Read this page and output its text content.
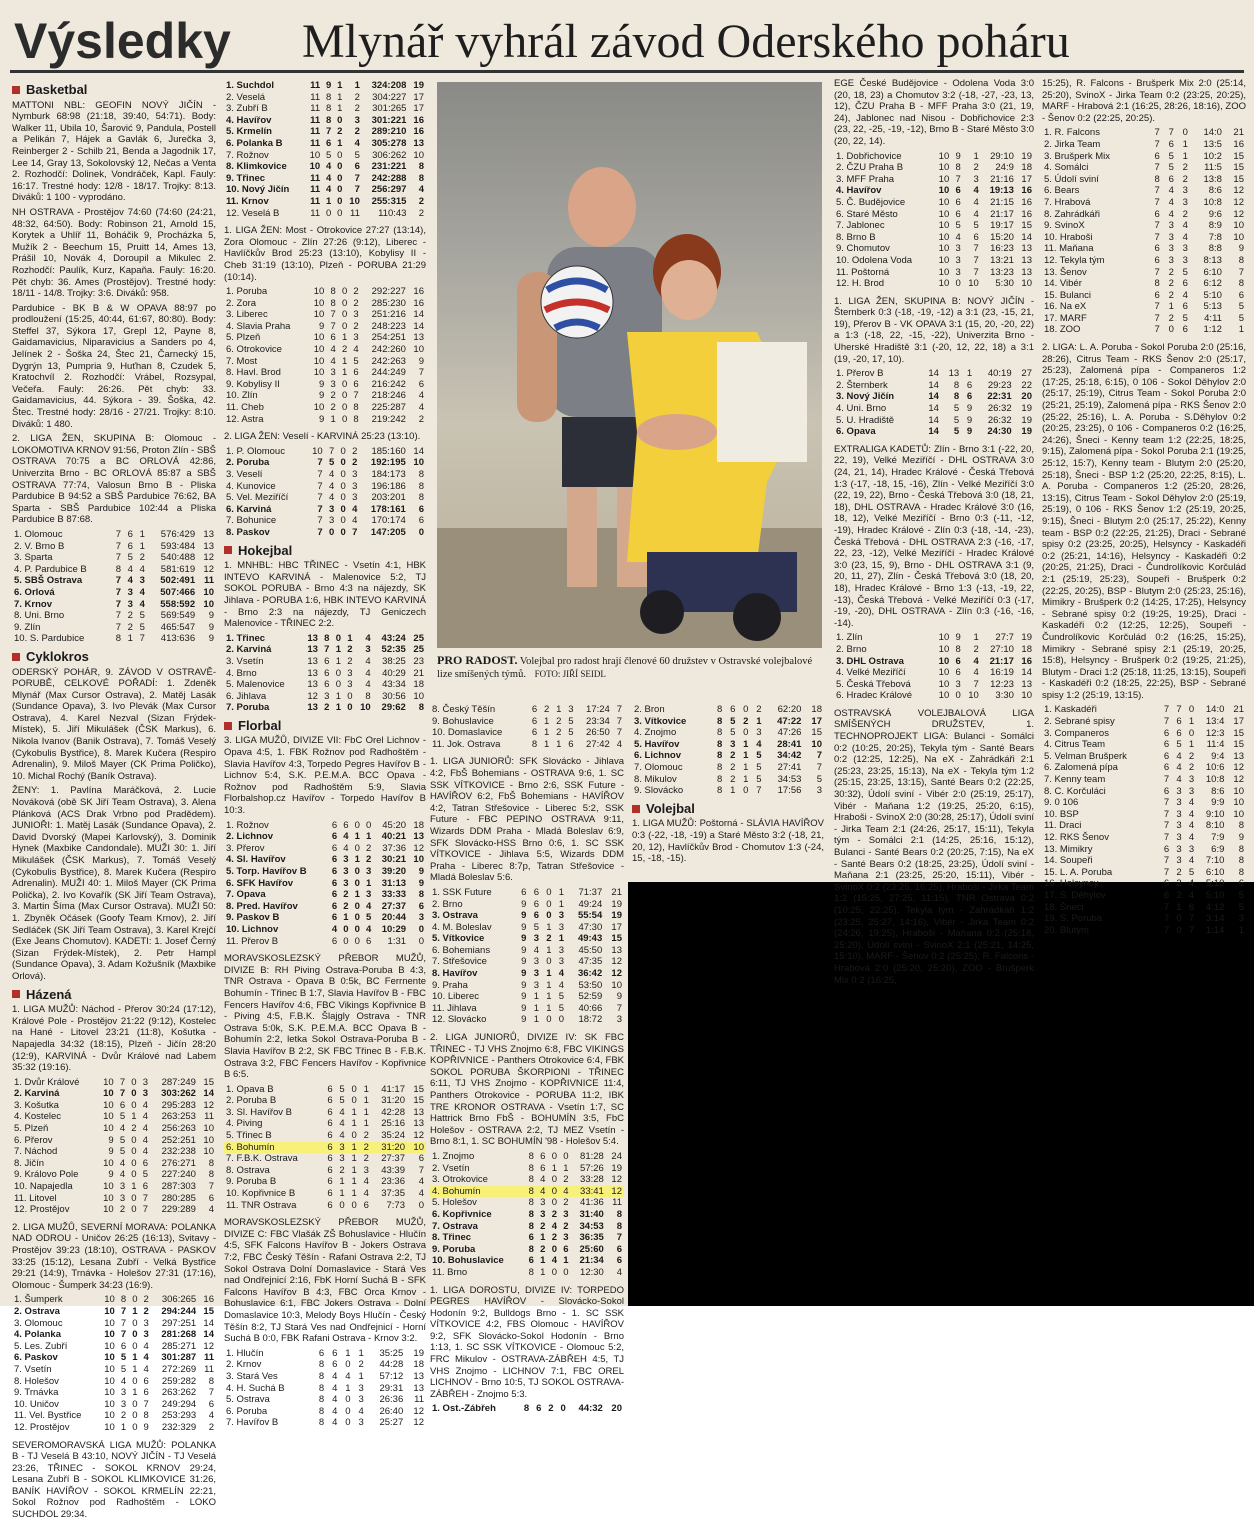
Výsledky Mlynář vyhrál závod Oderského poháru
Basketbal

MATTONI NBL: GEOFIN NOVÝ JIČÍN - Nymburk 68:98 (21:18, 39:40, 54:71). Body: Walker 11, Ubila 10, Šarović 9, Pandula, Postell a Pelikán 7, Hájek a Gavlák 6, Jurečka 3, Reinberger 2 - Schilb 21, Benda a Jagodnik 17, Lee 14, Gray 13, Sokolovský 12, Nečas a Venta 2. Rozhodčí: Dolinek, Vondráček, Kapl. Fauly: 16:17. Trestné hody: 12/8 - 18/17. Trojky: 8:13. Diváků: 1 100 - vyprodáno.

NH OSTRAVA - Prostějov 74:60 (74:60 (24:21, 48:32, 64:50). Body: Robinson 21, Arnold 15, Korytek a Uhlíř 11, Boháčik 9, Procházka 5, Mužík 2 - Beechum 15, Pruitt 14, Ames 13, Prášil 10, Novák 4, Doroupil a Mikulec 2. Rozhodčí: Paulík, Kurz, Kapaňa. Fauly: 16:20. Pět chyb: 36. Ames (Prostějov). Trestné hody: 18/11 - 14/8. Trojky: 3:6. Diváků: 958.

Pardubice - BK B & W OPAVA 88:97 po prodloužení (15:25, 40:44, 61:67, 80:80). Body: Steffel 37, Sýkora 17, Grepl 12, Payne 8, Gaidamavicius, Niparavicius a Sanders po 4, Jelínek 2 - Šoška 24, Štec 21, Čarnecký 15, Dygrýn 13, Pumpria 9, Huťhan 8, Czudek 5, Kratochvíl 2. Rozhodčí: Vrábel, Rozsypal, Večeřa. Fauly: 26:26. Pět chyb: 33. Gaidamavicius, 44. Sýkora - 39. Šoška, 42. Štec. Trestné hody: 28/16 - 27/21. Trojky: 8:10. Diváků: 1 480.

2. LIGA ŽEN, SKUPINA B: Olomouc - LOKOMOTIVA KRNOV 91:56, Proton Zlín - SBŠ OSTRAVA 70:75 a BC ORLOVÁ 42:86, Univerzita Brno - BC ORLOVÁ 85:87 a SBŠ OSTRAVA 77:74, Valosun Brno B - Pliska Pardubice B 94:52 a SBŠ Pardubice 76:62, BA Sparta - SBŠ Pardubice 102:44 a Pliska Pardubice B 87:68.

1. Olomouc	7	6	1	576:429	13
2. V. Brno B	7	6	1	593:484	13
3. Sparta	7	5	2	540:488	12
4. P. Pardubice B	8	4	4	581:619	12
5. SBŠ Ostrava	7	4	3	502:491	11
6. Orlová	7	3	4	507:466	10
7. Krnov	7	3	4	558:592	10
8. Uni. Brno	7	2	5	569:549	9
9. Zlín	7	2	5	465:547	9
10. S. Pardubice	8	1	7	413:636	9
Cyklokros

ODERSKÝ POHÁR, 9. ZÁVOD V OSTRAVĚ-PORUBĚ, CELKOVÉ POŘADÍ: 1. Zdeněk Mlynář (Max Cursor Ostrava), 2. Matěj Lasák (Sundance Opava), 3. Ivo Plevák (Max Cursor Ostrava), 4. Karel Nezval (Sizan Frýdek-Místek), 5. Jiří Mikulášek (ČSK Markus), 6. Nikola Ivanov (Banik Ostrava), 7. Tomáš Veselý (Cykobulis Bystřice), 8. Marek Kučera (Respiro Adrenalin), 9. Miloš Mayer (CK Prima Poličko), 10. Michal Rochý (Baník Ostrava).

ŽENY: 1. Pavlína Maráčková, 2. Lucie Nováková (obě SK Jiří Team Ostrava), 3. Alena Plánková (ACS Drak Vrbno pod Pradědem). JUNIOŘI: 1. Matěj Lasák (Sundance Opava), 2. David Dvorský (Mapei Karlovský), 3. Dominik Hynek (Maxbike Candondale). MUŽI 30: 1. Jiří Mikulášek (ČSK Markus), 7. Tomáš Veselý (Cykobulis Bystřice), 8. Marek Kučera (Respiro Adrenalin). MUŽI 40: 1. Miloš Mayer (CK Prima Polička), 2. Ivo Kovařík (SK Jiří Team Ostrava), 3. Martin Šíma (Max Cursor Ostrava). MUŽI 50: 1. Zbyněk Očásek (Goofy Team Krnov), 2. Jiří Sedláček (SK Jiří Team Ostrava), 3. Karel Krejčí (Exe Jeans Chomutov). KADETI: 1. Josef Černý (Sizan Frýdek-Místek), 2. Petr Hampl (Sundance Opava), 3. Adam Kožušník (Maxbike Orlová).

Házená

1. LIGA MUŽŮ: Náchod - Přerov 30:24 (17:12), Králové Pole - Prostějov 21:22 (9:12), Kostelec na Hané - Litovel 23:21 (11:8), Košutka - Napajedla 34:32 (18:15), Plzeň - Jičín 28:20 (12:9), KARVINÁ - Dvůr Králové nad Labem 35:32 (19:16).

1. Dvůr Králové	10	7	0	3	287:249	15
2. Karviná	10	7	0	3	303:262	14
3. Košutka	10	6	0	4	295:283	12
4. Kostelec	10	5	1	4	263:253	11
5. Plzeň	10	4	2	4	256:263	10
6. Přerov	9	5	0	4	252:251	10
7. Náchod	9	5	0	4	232:238	10
8. Jičín	10	4	0	6	276:271	8
9. Královo Pole	9	4	0	5	227:240	8
10. Napajedla	10	3	1	6	287:303	7
11. Litovel	10	3	0	7	280:285	6
12. Prostějov	10	2	0	7	229:289	4

2. LIGA MUŽŮ, SEVERNÍ MORAVA: POLANKA NAD ODROU - Uničov 26:25 (16:13), Svitavy - Prostějov 39:23 (18:10), OSTRAVA - PASKOV 33:25 (15:12), Lesana Zubří - Velká Bystřice 29:21 (14:9), Trnávka - Holešov 27:31 (17:16), Olomouc - Šumperk 34:23 (16:9).

1. Šumperk	10	8	0	2	306:265	16
2. Ostrava	10	7	1	2	294:244	15
3. Olomouc	10	7	0	3	297:251	14
4. Polanka	10	7	0	3	281:268	14
5. Les. Zubří	10	6	0	4	285:271	12
6. Paskov	10	5	1	4	301:287	11
7. Vsetín	10	5	1	4	272:269	11
8. Holešov	10	4	0	6	259:282	8
9. Trnávka	10	3	1	6	263:262	7
10. Uničov	10	3	0	7	249:294	6
11. Vel. Bystřice	10	2	0	8	253:293	4
12. Prostějov	10	1	0	9	232:329	2

SEVEROMORAVSKÁ LIGA MUŽŮ: POLANKA B - TJ Veselá B 43:10, NOVÝ JIČÍN - TJ Veselá 23:26, TŘINEC - SOKOL KRNOV 29:24, Lesana Zubří B - SOKOL KLIMKOVICE 31:26, BANÍK HAVÍŘOV - SOKOL KRMELÍN 22:21, Sokol Rožnov pod Radhoštěm - LOKO SUCHDOL 29:34.

1. Suchdol	11	9	1	1	324:208	19
2. Veselá	11	8	1	2	304:227	17
3. Zubří B	11	8	1	2	301:265	17
4. Havířov	11	8	0	3	301:221	16
5. Krmelín	11	7	2	2	289:210	16
6. Polanka B	11	6	1	4	305:278	13
7. Rožnov	10	5	0	5	306:262	10
8. Klimkovice	10	4	0	6	231:221	8
9. Třinec	11	4	0	7	242:288	8
10. Nový Jičín	11	4	0	7	256:297	4
11. Krnov	11	1	0	10	255:315	2
12. Veselá B	11	0	0	11	110:43	2

1. LIGA ŽEN: Most - Otrokovice 27:27 (13:14), Zora Olomouc - Zlín 27:26 (9:12), Liberec - Havlíčkův Brod 25:23 (13:10), Kobylisy II - Cheb 31:19 (13:10), Plzeň - PORUBA 21:29 (10:14).

1. Poruba	10	8	0	2	292:227	16
2. Zora	10	8	0	2	285:230	16
3. Liberec	10	7	0	3	251:216	14
4. Slavia Praha	9	7	0	2	248:223	14
5. Plzeň	10	6	1	3	254:251	13
6. Otrokovice	10	4	2	4	242:260	10
7. Most	10	4	1	5	242:263	9
8. Havl. Brod	10	3	1	6	244:249	7
9. Kobylisy II	9	3	0	6	216:242	6
10. Zlín	9	2	0	7	218:246	4
11. Cheb	10	2	0	8	225:287	4
12. Astra	9	1	0	8	219:242	2

2. LIGA ŽEN: Veselí - KARVINÁ 25:23 (13:10).

1. P. Olomouc	10	7	0	2	185:160	14
2. Poruba	7	5	0	2	192:195	10
3. Veselí	7	4	0	3	184:173	8
4. Kunovice	7	4	0	3	196:186	8
5. Vel. Meziříčí	7	4	0	3	203:201	8
6. Karviná	7	3	0	4	178:161	6
7. Bohunice	7	3	0	4	170:174	6
8. Paskov	7	0	0	7	147:205	0
Hokejbal

1. MNHBL: HBC TŘINEC - Vsetín 4:1, HBK INTEVO KARVINÁ - Malenovice 5:2, TJ SOKOL PORUBA - Brno 4:3 na nájezdy, SK Jihlava - PORUBA 1:6, HBK INTEVO KARVINÁ - Brno 2:3 na nájezdy, TJ Geniczech Malenovice - TŘINEC 2:2.

1. Třinec	13	8	0	1	4	43:24	25
2. Karviná	13	7	1	2	3	52:35	25
3. Vsetín	13	6	1	2	4	38:25	23
4. Brno	13	6	0	3	4	40:29	21
5. Malenovice	13	6	0	3	4	43:34	18
6. Jihlava	12	3	1	0	8	30:56	10
7. Poruba	13	2	1	0	10	29:62	8
Florbal

3. LIGA MUŽŮ, DIVIZE VII: FbC Orel Lichnov - Opava 4:5, 1. FBK Rožnov pod Radhoštěm - Slavia Havířov 4:3, Torpedo Pegres Havířov B - Lichnov 5:4, S.K. P.E.M.A. BCC Opava - Rožnov pod Radhoštěm 5:9, Slavia Florbalshop.cz Havířov - Torpedo Havířov B 10:3.

1. Rožnov	6	6	0	0	45:20	18
2. Lichnov	6	4	1	1	40:21	13
3. Přerov	6	4	0	2	37:36	12
4. Sl. Havířov	6	3	1	2	30:21	10
5. Torp. Havířov B	6	3	0	3	39:20	9
6. SFK Havířov	6	3	0	1	31:13	9
7. Opava	6	2	1	3	33:33	8
8. Pred. Havířov	6	2	0	4	27:37	6
9. Paskov B	6	1	0	5	20:44	3
10. Lichnov	4	0	0	4	10:29	0
11. Přerov B	6	0	0	6	1:31	0

MORAVSKOSLEZSKÝ PŘEBOR MUŽŮ, DIVIZE B: RH Piving Ostrava-Poruba B 4:3, TNR Ostrava - Opava B 0:5k, BC Ferrnente Bohumín - Třinec B 1:7, Slavia Havířov B - FBC Fencers Havířov 4:6, FBC Vikings Kopřivnice B - Piving 4:5, F.B.K. Šlajgly Ostrava - TNR Ostrava 5:0k, S.K. P.E.M.A. BCC Opava B - Bohumín 2:2, letka Sokol Ostrava-Poruba B - Slavia Havířov B 2:2, SK FBC Třinec B - F.B.K. Ostrava 3:2, FBC Fencers Havířov - Kopřivnice B 6:5.

1. Opava B	6	5	0	1	41:17	15
2. Poruba B	6	5	0	1	31:20	15
3. Sl. Havířov B	6	4	1	1	42:28	13
4. Piving	6	4	1	1	25:16	13
5. Třinec B	6	4	0	2	35:24	12
6. Bohumín	6	3	1	2	31:20	10
7. F.B.K. Ostrava	6	3	1	2	27:37	6
8. Ostrava	6	2	1	3	43:39	7
9. Poruba B	6	1	1	4	23:36	4
10. Kopřivnice B	6	1	1	4	37:35	4
11. TNR Ostrava	6	0	0	6	7:73	0

MORAVSKOSLEZSKÝ PŘEBOR MUŽŮ, DIVIZE C: FBC Vlašák ZŠ Bohuslavice - Hlučín 4:5, SFK Falcons Havířov B - Jokers Ostrava 7:2, FBC Český Těšín - Rafani Ostrava 2:2, TJ Sokol Ostrava Dolní Domaslavice - Stará Ves nad Ondřejnicí 2:16, FbK Horní Suchá B - SFK Falcons Havířov B 4:3, FBC Orca Krnov - Bohuslavice 6:1, FBC Jokers Ostrava - Dolní Domaslavice 10:3, Melody Boys Hlučín - Český Těšín 8:2, TJ Stará Ves nad Ondřejnicí - Horní Suchá B 0:0, FBK Rafani Ostrava - Krnov 3:2.

1. Hlučín	6	6	1	1	35:25	19
2. Krnov	8	6	0	2	44:28	18
3. Stará Ves	8	4	4	1	57:12	13
4. H. Suchá B	8	4	1	3	29:31	13
5. Ostrava	8	4	0	3	26:36	11
6. Poruba	8	4	0	4	26:40	12
7. Havířov B	8	4	0	3	25:27	12
PRO RADOST. Volejbal pro radost hrají členové 60 družstev v Ostravské volejbalové lize smíšených týmů. FOTO: JIŘÍ SEIDL
8. Český Těšín	6	2	1	3	17:24	7
9. Bohuslavice	6	1	2	5	23:34	7
10. Domaslavice	6	1	2	5	26:50	7
11. Jok. Ostrava	8	1	1	6	27:42	4

1. LIGA JUNIORŮ: SFK Slovácko - Jihlava 4:2, FbŠ Bohemians - OSTRAVA 9:6, 1. SC SSK VÍTKOVICE - Brno 2:6, SSK Future - HAVÍŘOV 6:2, FbŠ Bohemians - HAVÍŘOV 4:2, Tatran Střešovice - Liberec 5:2, SSK Future - FBC PEPINO OSTRAVA 9:11, Wizards DDM Praha - Mladá Boleslav 6:9, SFK Slovácko-HSS Brno 0:6, 1. SC SSK VÍTKOVICE - Jihlava 5:5, Wizards DDM Praha - Liberec 8:7p, Tatran Střešovice - Mladá Boleslav 5:6.

1. SSK Future	6	6	0	1	71:37	21
2. Brno	9	6	0	1	49:24	19
3. Ostrava	9	6	0	3	55:54	19
4. M. Boleslav	9	5	1	3	47:30	17
5. Vítkovice	9	3	2	1	49:43	15
6. Bohemians	9	4	1	3	45:50	13
7. Střešovice	9	3	0	3	47:35	12
8. Havířov	9	3	1	4	36:42	12
9. Praha	9	3	1	4	53:50	10
10. Liberec	9	1	1	5	52:59	9
11. Jihlava	9	1	1	5	40:66	7
12. Slovácko	9	1	0	0	18:72	3

2. LIGA JUNIORŮ, DIVIZE IV: SK FBC TŘINEC - TJ VHS Znojmo 6:8, FBC VIKINGS KOPŘIVNICE - Panthers Otrokovice 6:4, FBK SOKOL PORUBA ŠKORPIONI - TŘINEC 6:11, TJ VHS Znojmo - KOPŘIVNICE 11:4, Panthers Otrokovice - PORUBA 11:2, IBK TRE KRONOR OSTRAVA - Vsetín 1:7, SC Hattrick Brno FbŠ - BOHUMÍN 3:5, FbC Holešov - OSTRAVA 2:2, TJ MEZ Vsetín - Brno 8:1, 1. SC BOHUMÍN '98 - Holešov 5:4.

1. Znojmo	8	6	0	0	81:28	24
2. Vsetín	8	6	1	1	57:26	19
3. Otrokovice	8	4	0	2	33:28	12
4. Bohumín	8	4	0	4	33:41	12
5. Holešov	8	3	0	2	41:36	11
6. Kopřivnice	8	3	2	3	31:40	8
7. Ostrava	8	2	4	2	34:53	8
8. Třinec	6	1	2	3	36:35	7
9. Poruba	8	2	0	6	25:60	6
10. Bohuslavice	6	1	4	1	21:34	6
11. Brno	8	1	0	0	12:30	4

1. LIGA DOROSTU, DIVIZE IV: TORPEDO PEGRES HAVÍŘOV - Slovácko-Sokol Hodonín 9:2, Bulldogs Brno - 1. SC SSK VÍTKOVICE 4:2, FBS Olomouc - HAVÍŘOV 9:2, SFK Slovácko-Sokol Hodonín - Brno 1:13, 1. SC SSK VÍTKOVICE - Olomouc 5:2, FRC Mikulov - OSTRAVA-ZÁBŘEH 4:5, TJ VHS Znojmo - LICHNOV 7:1, FBC OREL LICHNOV - Brno 10:5, TJ SOKOL OSTRAVA-ZÁBŘEH - Znojmo 5:3.

1. Ost.-Zábřeh	8	6	2	0	44:32	20
2. Bron	8	6	0	2	62:20	18
3. Vítkovice	8	5	2	1	47:22	17
4. Znojmo	8	5	0	3	47:26	15
5. Havířov	8	3	1	4	28:41	10
6. Lichnov	8	2	1	5	34:42	7
7. Olomouc	8	2	1	5	27:41	7
8. Mikulov	8	2	1	5	34:53	5
9. Slovácko	8	1	0	7	17:56	3
Volejbal

1. LIGA MUŽŮ: Poštorná - SLÁVIA HAVÍŘOV 0:3 (-22, -18, -19) a Staré Město 3:2 (-18, 21, 20, 12), Havlíčkův Brod - Chomutov 1:3 (-24, 15, -18, -15).

EGE České Budějovice - Odolena Voda 3:0 (20, 18, 23) a Chomutov 3:2 (-18, -27, -23, 13, 12), ČZU Praha B - MFF Praha 3:0 (21, 19, 24), Jablonec nad Nisou - Dobřichovice 2:3 (23, 22, -25, -19, -12), Brno B - Staré Město 3:0 (20, 22, 14).

1. Dobřichovice	10	9	1	29:10	19
2. ČZU Praha B	10	8	2	24:9	18
3. MFF Praha	10	7	3	21:16	17
4. Havířov	10	6	4	19:13	16
5. Č. Budějovice	10	6	4	21:15	16
6. Staré Město	10	6	4	21:17	16
7. Jablonec	10	5	5	19:17	15
8. Brno B	10	4	6	15:20	14
9. Chomutov	10	3	7	16:23	13
10. Odolena Voda	10	3	7	13:21	13
11. Poštorná	10	3	7	13:23	13
12. H. Brod	10	0	10	5:30	10

1. LIGA ŽEN, SKUPINA B: NOVÝ JIČÍN - Šternberk 0:3 (-18, -19, -12) a 3:1 (23, -15, 21, 19), Přerov B - VK OPAVA 3:1 (15, 20, -20, 22) a 1:3 (-18, 22, -15, -22), Univerzita Brno - Uherské Hradiště 3:1 (-20, 12, 22, 18) a 3:1 (19, -20, 17, 10).

1. Přerov B	14	13	1	40:19	27
2. Šternberk	14	8	6	29:23	22
3. Nový Jičín	14	8	6	22:31	20
4. Uni. Brno	14	5	9	26:32	19
5. U. Hradiště	14	5	9	26:32	19
6. Opava	14	5	9	24:30	19

EXTRALIGA KADETŮ: Zlín - Brno 3:1 (-22, 20, 22, 19), Velké Meziříčí - DHL OSTRAVA 3:0 (24, 21, 14), Hradec Králové - Česká Třebová 1:3 (-17, -18, 15, -16), Zlín - Velké Meziříčí 3:0 (22, 19, 22), Brno - Česká Třebová 3:0 (18, 21, 18), DHL OSTRAVA - Hradec Králové 3:0 (16, 18, 12), Velké Meziříčí - Brno 0:3 (-11, -12, -19), Hradec Králové - Zlín 0:3 (-18, -14, -23), Česká Třebová - DHL OSTRAVA 2:3 (-16, -17, 22, 23, -12), Velké Meziříčí - Hradec Králové 3:0 (23, 15, 9), Brno - DHL OSTRAVA 3:1 (9, 20, 11, 27), Zlín - Česká Třebová 3:0 (18, 20, 18), Hradec Králové - Brno 1:3 (-13, -19, 22, -13), Česká Třebová - Velké Meziříčí 0:3 (-17, -19, -20), DHL OSTRAVA - Zlín 0:3 (-16, -16, -14).

1. Zlín	10	9	1	27:7	19
2. Brno	10	8	2	27:10	18
3. DHL Ostrava	10	6	4	21:17	16
4. Velké Meziříčí	10	6	4	16:19	14
5. Česká Třebová	10	3	7	12:23	13
6. Hradec Králové	10	0	10	3:30	10

OSTRAVSKÁ VOLEJBALOVÁ LIGA SMÍŠENÝCH DRUŽSTEV, 1. TECHNOPROJEKT LIGA: Bulanci - Somálci 0:2 (10:25, 20:25), Tekyla tým - Santé Bears 0:2 (12:25, 12:25), Na eX - Zahrádkáři 2:1 (25:23, 23:25, 15:13), Na eX - Tekyla tým 1:2 (25:15, 23:25, 13:15), Santé Bears 0:2 (22:25, 30:32), Údolí sviní - Vibér 2:0 (25:19, 25:17), Vibér - Maňana 1:2 (19:25, 25:20, 6:15), Hraboši - SvinoX 2:0 (30:28, 25:17), Údolí sviní - Jirka Team 2:1 (24:26, 25:17, 15:11), Tekyla tým - Somálci 2:1 (14:25, 25:16, 15:12), Bulanci - Santé Bears 0:2 (20:25, 7:15), Na eX - Santé Bears 0:2 (18:25, 23:25), Údolí sviní - Maňana 2:1 (23:25, 25:20, 15:11), Vibér - SvinoX 0:2 (23:25, 16:25), Hraboši - Jirka Team 1:2 (15:25, 27:25, 11:15), TNR Ostrava 0:2 (10:25, 22:25), Tekyla tým - Zahrádkáři 1:2 (23:25, 25:27, 14:16), Vibér - Jirka Team 0:2 (24:26, 19:25), Hraboši - Maňana 0:2 (25:18, 25:20), Údolí sviní - SvinoX 2:1 (25:21, 14:25, 15:10), MARF - Šenov 0:2 (25:25), R. Falcons - Hrabová 2:0 (25:20, 25:20), ZOO - Brušperk Mix 0:2 (16:25,

15:25), R. Falcons - Brušperk Mix 2:0 (25:14, 25:20), SvinoX - Jirka Team 0:2 (23:25, 20:25), MARF - Hrabová 2:1 (16:25, 28:26, 18:16), ZOO - Šenov 0:2 (22:25, 20:25).

1. R. Falcons	7	7	0	14:0	21
2. Jirka Team	7	6	1	13:5	16
3. Brušperk Mix	6	5	1	10:2	15
4. Somálci	7	5	2	11:5	15
5. Údolí sviní	8	6	2	13:8	15
6. Bears	7	4	3	8:6	12
7. Hrabová	7	4	3	10:8	12
8. Zahrádkáři	6	4	2	9:6	12
9. SvinoX	7	3	4	8:9	10
10. Hraboši	7	3	4	7:8	10
11. Maňana	6	3	3	8:8	9
12. Tekyla tým	6	3	3	8:13	8
13. Šenov	7	2	5	6:10	7
14. Vibér	8	2	6	6:12	8
15. Bulanci	6	2	4	5:10	6
16. Na eX	7	1	6	5:13	5
17. MARF	7	2	5	4:11	5
18. ZOO	7	0	6	1:12	1

2. LIGA: L. A. Poruba - Sokol Poruba 2:0 (25:16, 28:26), Citrus Team - RKS Šenov 2:0 (25:17, 25:23), Zalomená pípa - Companeros 1:2 (17:25, 25:18, 6:15), 0 106 - Sokol Děhylov 2:0 (25:17, 25:19), Citrus Team - Sokol Poruba 2:0 (25:21, 25:19), Zalomená pípa - RKS Šenov 2:0 (25:22, 25:16), L. A. Poruba - S.Děhylov 0:2 (20:25, 23:25), 0 106 - Companeros 0:2 (16:25, 24:26), Šneci - Kenny team 1:2 (22:25, 18:25, 9:15), Zalomená pípa - Sokol Poruba 2:1 (19:25, 25:12, 15:7), Kenny team - Blutym 2:0 (25:20, 25:18), Šneci - BSP 1:2 (25:20, 22:25, 8:15), L. A. Poruba - Companeros 1:2 (25:20, 28:26, 13:15), Citrus Team - Sokol Děhylov 2:0 (25:19, 25:19), 0 106 - RKS Šenov 1:2 (25:19, 20:25, 9:15), Šneci - Blutym 2:0 (25:17, 25:22), Kenny team - BSP 0:2 (22:25, 21:25), Draci - Sebrané spisy 0:2 (23:25, 20:25), Helsyncy - Kaskadéři 0:2 (25:21, 14:16), Helsyncy - Kaskadéři 0:2 (20:25, 21:25), Draci - Čundrolíkovic Korčulád 2:1 (25:19, 25:23), Soupeři - Brušperk 0:2 (22:25, 20:25), BSP - Blutym 2:0 (25:23, 25:16), Mimikry - Brušperk 0:2 (14:25, 17:25), Helsyncy - Sebrané spisy 0:2 (19:25, 19:25), Draci - Kaskadéři 0:2 (12:25, 12:25), Soupeři - Čundrolíkovic Korčulád 0:2 (16:25, 15:25), Mimikry - Sebrané spisy 2:1 (25:19, 20:25, 15:8), Helsyncy - Brušperk 0:2 (19:25, 21:25), Blutym - Draci 1:2 (25:18, 11:25, 13:15), Soupeři - Kaskadéři 0:2 (18:25, 22:25), BSP - Sebrané spisy 1:2 (25:19, 13:15).

1. Kaskadéři	7	7	0	14:0	21
2. Sebrané spisy	7	6	1	13:4	17
3. Companeros	6	6	0	12:3	15
4. Citrus Team	6	5	1	11:4	15
5. Velman Brušperk	6	4	2	9:4	13
6. Zalomená pípa	6	4	2	10:6	12
7. Kenny team	7	4	3	10:8	12
8. C. Korčuláci	6	3	3	8:6	10
9. 0 106	7	3	4	9:9	10
10. BSP	7	3	4	9:10	10
11. Draci	7	3	4	8:10	8
12. RKS Šenov	7	3	4	7:9	9
13. Mimikry	6	3	3	6:9	8
14. Soupeři	7	3	4	7:10	8
15. L. A. Poruba	7	2	5	6:10	8
16. Helsyncy	6	2	4	5:10	6
17. S. Děhylov	6	2	4	5:10	5
18. Šneci	7	1	6	4:12	5
19. S. Poruba	7	0	7	3:14	3
20. Blutym	7	0	7	1:14	1
